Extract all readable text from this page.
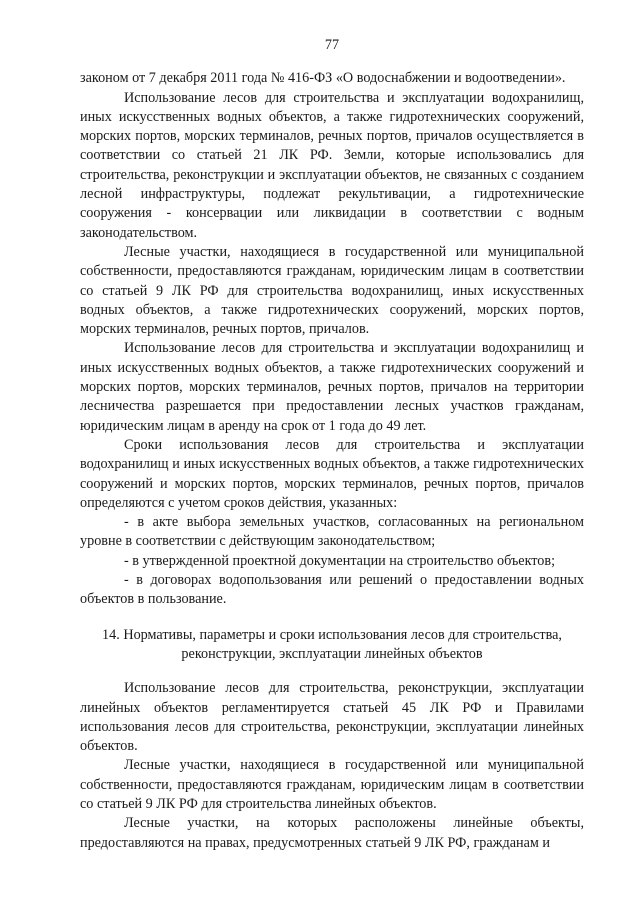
77

законом от 7 декабря 2011 года № 416-ФЗ «О водоснабжении и водоотведении».

Использование лесов для строительства и эксплуатации водохранилищ, иных искусственных водных объектов, а также гидротехнических сооружений, морских портов, морских терминалов, речных портов, причалов осуществляется в соответствии со статьей 21 ЛК РФ. Земли, которые использовались для строительства, реконструкции и эксплуатации объектов, не связанных с созданием лесной инфраструктуры, подлежат рекультивации, а гидротехнические сооружения - консервации или ликвидации в соответствии с водным законодательством.

Лесные участки, находящиеся в государственной или муниципальной собственности, предоставляются гражданам, юридическим лицам в соответствии со статьей 9 ЛК РФ для строительства водохранилищ, иных искусственных водных объектов, а также гидротехнических сооружений, морских портов, морских терминалов, речных портов, причалов.

Использование лесов для строительства и эксплуатации водохранилищ и иных искусственных водных объектов, а также гидротехнических сооружений и морских портов, морских терминалов, речных портов, причалов на территории лесничества разрешается при предоставлении лесных участков гражданам, юридическим лицам в аренду на срок от 1 года до 49 лет.

Сроки использования лесов для строительства и эксплуатации водохранилищ и иных искусственных водных объектов, а также гидротехнических сооружений и морских портов, морских терминалов, речных портов, причалов определяются с учетом сроков действия, указанных:

- в акте выбора земельных участков, согласованных на региональном уровне в соответствии с действующим законодательством;

- в утвержденной проектной документации на строительство объектов;

- в договорах водопользования или решений о предоставлении водных объектов в пользование.

14. Нормативы, параметры и сроки использования лесов для строительства, реконструкции, эксплуатации линейных объектов

Использование лесов для строительства, реконструкции, эксплуатации линейных объектов регламентируется статьей 45 ЛК РФ и Правилами использования лесов для строительства, реконструкции, эксплуатации линейных объектов.

Лесные участки, находящиеся в государственной или муниципальной собственности, предоставляются гражданам, юридическим лицам в соответствии со статьей 9 ЛК РФ для строительства линейных объектов.

Лесные участки, на которых расположены линейные объекты, предоставляются на правах, предусмотренных статьей 9 ЛК РФ, гражданам и
